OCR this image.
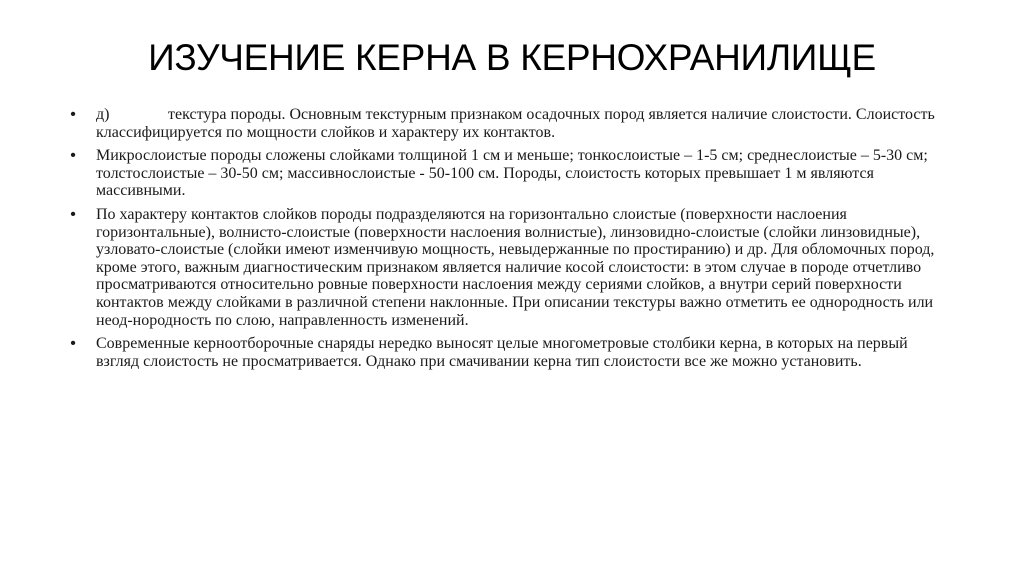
ИЗУЧЕНИЕ КЕРНА В КЕРНОХРАНИЛИЩЕ
• д)	текстура породы. Основным текстурным признаком осадочных пород является наличие слоистости. Слоистость классифицируется по мощности слойков и характеру их контактов.
• Микрослоистые породы сложены слойками толщиной 1 см и меньше; тонкослоистые – 1-5 см; среднеслоистые – 5-30 см; толстослоистые – 30-50 см; массивнослоистые - 50-100 см. Породы, слоистость которых превышает 1 м являются массивными.
• По характеру контактов слойков породы подразделяются на горизонтально слоистые (поверхности наслоения горизонтальные), волнисто-слоистые (поверхности наслоения волнистые), линзовидно-слоистые (слойки линзовидные), узловато-слоистые (слойки имеют изменчивую мощность, невыдержанные по простиранию) и др. Для обломочных пород, кроме этого, важным диагностическим признаком является наличие косой слоистости: в этом случае в породе отчетливо просматриваются относительно ровные поверхности наслоения между сериями слойков, а внутри серий поверхности контактов между слойками в различной степени наклонные. При описании текстуры важно отметить ее однородность или неод-нородность по слою, направленность изменений.
• Современные керноотборочные снаряды нередко выносят целые многометровые столбики керна, в которых на первый взгляд слоистость не просматривается. Однако при смачивании керна тип слоистости все же можно установить.
